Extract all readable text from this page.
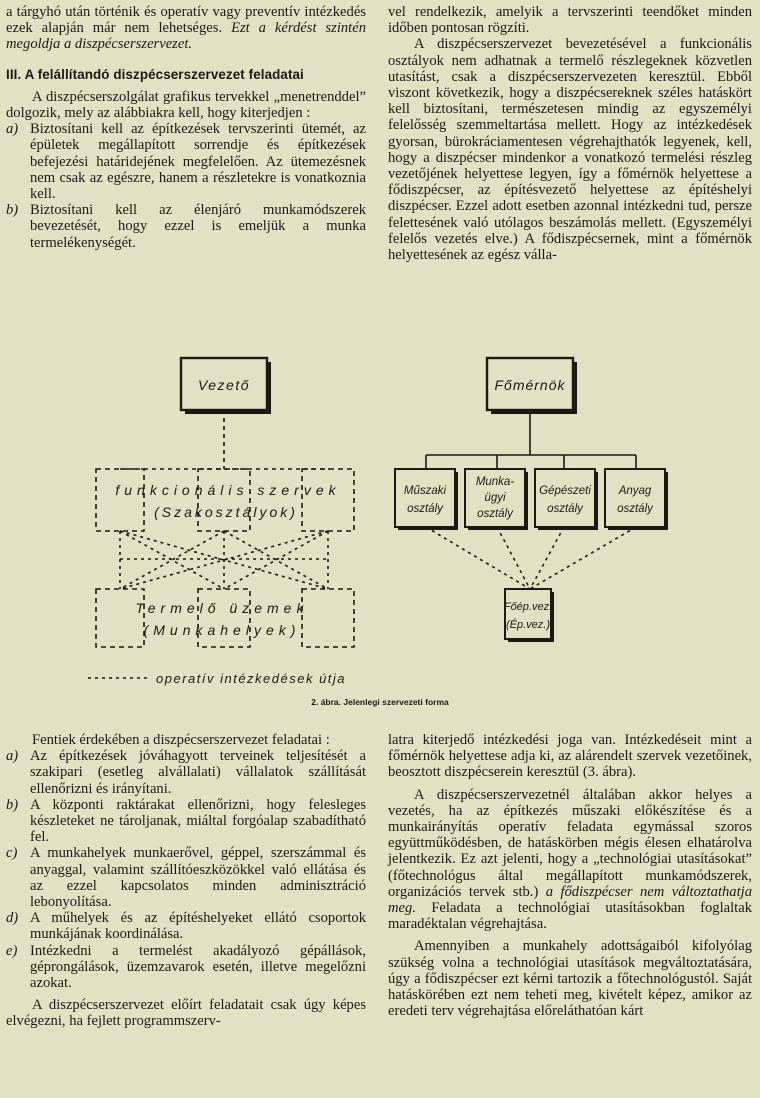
a tárgyhó után történik és operatív vagy preventív intézkedés ezek alapján már nem lehetséges. Ezt a kérdést szintén megoldja a diszpécserszervezet.

III. A felállítandó diszpécserszervezet feladatai

A diszpécserszolgálat grafikus tervekkel „menetrenddel” dolgozik, mely az alábbiakra kell, hogy kiterjedjen :

a) Biztosítani kell az építkezések tervszerinti ütemét, az épületek megállapított sorrendje és építkezések befejezési határidejének megfelelően. Az ütemezésnek nem csak az egészre, hanem a részletekre is vonatkoznia kell.
b) Biztosítani kell az élenjáró munkamódszerek bevezetését, hogy ezzel is emeljük a munka termelékenységét.

vel rendelkezik, amelyik a tervszerinti teendőket minden időben pontosan rögzíti.

A diszpécserszervezet bevezetésével a funkcionális osztályok nem adhatnak a termelő részlegeknek közvetlen utasítást, csak a diszpécserszervezeten keresztül. Ebből viszont következik, hogy a diszpécsereknek széles hatáskört kell biztosítani, természetesen mindig az egyszemélyi felelősség szemmeltartása mellett. Hogy az intézkedések gyorsan, bürokráciamentesen végrehajthatók legyenek, kell, hogy a diszpécser mindenkor a vonatkozó termelési részleg vezetőjének helyettese legyen, így a főmérnök helyettese a fődiszpécser, az építésvezető helyettese az építéshelyi diszpécser. Ezzel adott esetben azonnal intézkedni tud, persze felettesének való utólagos beszámolás mellett. (Egyszemélyi felelős vezetés elve.) A fődiszpécsernek, mint a főmérnök helyettesének az egész válla-

Vezető
funkcionális szervek
(Szakosztályok)
Termelő üzemek
(Munkahelyek)
operatív intézkedések útja
Főmérnök
Műszaki
osztály
Munka-
ügyi
osztály
Gépészeti
osztály
Anyag
osztály
Főép.vez.
(Ép.vez.)
2. ábra. Jelenlegi szervezeti forma

Fentiek érdekében a diszpécserszervezet feladatai :

a) Az építkezések jóváhagyott terveinek teljesítését a szakipari (esetleg alvállalati) vállalatok szállítását ellenőrizni és irányítani.
b) A központi raktárakat ellenőrizni, hogy felesleges készleteket ne tároljanak, miáltal forgóalap szabadítható fel.
c) A munkahelyek munkaerővel, géppel, szerszámmal és anyaggal, valamint szállítóeszközökkel való ellátása és az ezzel kapcsolatos minden adminisztráció lebonyolítása.
d) A műhelyek és az építéshelyeket ellátó csoportok munkájának koordinálása.
e) Intézkedni a termelést akadályozó gépállások, géprongálások, üzemzavarok esetén, illetve megelőzni azokat.

A diszpécserszervezet előírt feladatait csak úgy képes elvégezni, ha fejlett programmszerv-

latra kiterjedő intézkedési joga van. Intézkedéseit mint a főmérnök helyettese adja ki, az alárendelt szervek vezetőinek, beosztott diszpécserein keresztül (3. ábra).

A diszpécserszervezetnél általában akkor helyes a vezetés, ha az építkezés műszaki előkészítése és a munkairányítás operatív feladata egymással szoros együttműködésben, de hatáskörben mégis élesen elhatárolva jelentkezik. Ez azt jelenti, hogy a „technológiai utasításokat” (főtechnológus által megállapított munkamódszerek, organizációs tervek stb.) a fődiszpécser nem változtathatja meg. Feladata a technológiai utasításokban foglaltak maradéktalan végrehajtása.

Amennyiben a munkahely adottságaiból kifolyólag szükség volna a technológiai utasítások megváltoztatására, úgy a fődiszpécser ezt kérni tartozik a főtechnológustól. Saját hatáskörében ezt nem teheti meg, kivételt képez, amikor az eredeti terv végrehajtása előreláthatóan kárt
